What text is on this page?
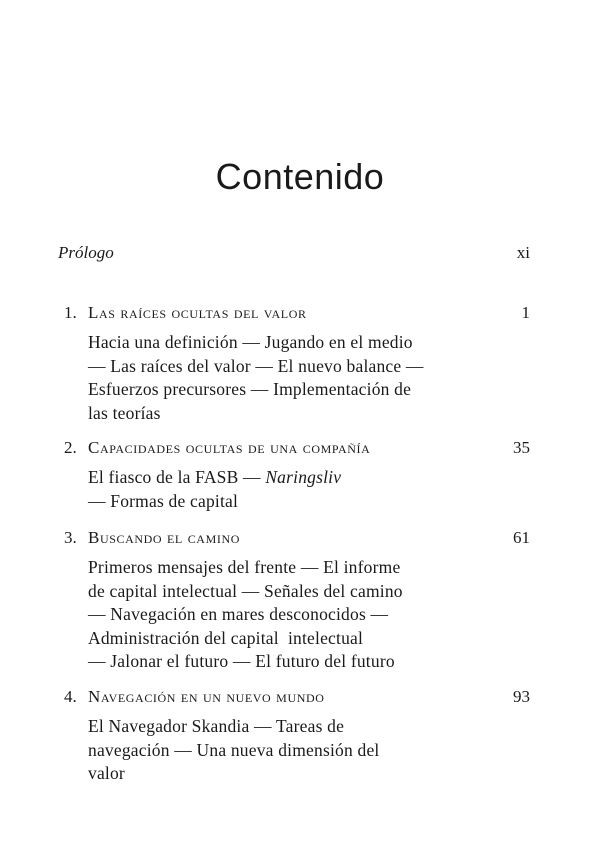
Contenido
Prólogo	xi
1. Las raíces ocultas del valor	1
Hacia una definición — Jugando en el medio
— Las raíces del valor — El nuevo balance —
Esfuerzos precursores — Implementación de
las teorías
2. Capacidades ocultas de una compañía	35
El fiasco de la FASB — Naringsliv
— Formas de capital
3. Buscando el camino	61
Primeros mensajes del frente — El informe
de capital intelectual — Señales del camino
— Navegación en mares desconocidos —
Administración del capital  intelectual
— Jalonar el futuro — El futuro del futuro
4. Navegación en un nuevo mundo	93
El Navegador Skandia — Tareas de
navegación — Una nueva dimensión del
valor
